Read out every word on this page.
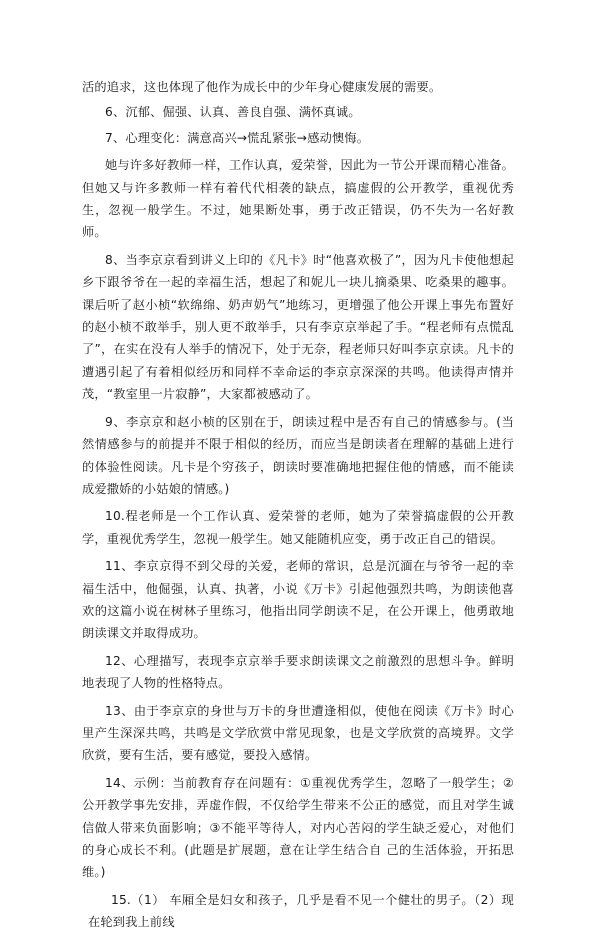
活的追求，这也体现了他作为成长中的少年身心健康发展的需要。

6、沉郁、倔强、认真、善良自强、满怀真诚。

7、心理变化：满意高兴→慌乱紧张→感动懊悔。

她与许多好教师一样，工作认真，爱荣誉，因此为一节公开课而精心准备。但她又与许多教师一样有着代代相袭的缺点，搞虚假的公开教学，重视优秀生，忽视一般学生。不过，她果断处事，勇于改正错误，仍不失为一名好教师。

8、当李京京看到讲义上印的《凡卡》时“他喜欢极了”，因为凡卡使他想起乡下跟爷爷在一起的幸福生活，想起了和妮儿一块儿摘桑果、吃桑果的趣事。课后听了赵小桢“软绵绵、奶声奶气”地练习，更增强了他公开课上事先布置好的赵小桢不敢举手，别人更不敢举手，只有李京京举起了手。“程老师有点慌乱了”，在实在没有人举手的情况下，处于无奈，程老师只好叫李京京读。凡卡的遭遇引起了有着相似经历和同样不幸命运的李京京深深的共鸣。他读得声情并茂，“教室里一片寂静”，大家都被感动了。

9、李京京和赵小桢的区别在于，朗读过程中是否有自己的情感参与。(当然情感参与的前提并不限于相似的经历，而应当是朗读者在理解的基础上进行的体验性阅读。凡卡是个穷孩子，朗读时要准确地把握住他的情感，而不能读成爱撒娇的小姑娘的情感。)

10.程老师是一个工作认真、爱荣誉的老师，她为了荣誉搞虚假的公开教学，重视优秀学生，忽视一般学生。她又能随机应变，勇于改正自己的错误。

11、李京京得不到父母的关爱，老师的常识，总是沉湎在与爷爷一起的幸福生活中，他倔强，认真、执著，小说《万卡》引起他强烈共鸣，为朗读他喜欢的这篇小说在树林子里练习，他指出同学朗读不足，在公开课上，他勇敢地朗读课文并取得成功。

12、心理描写，表现李京京举手要求朗读课文之前激烈的思想斗争。鲜明地表现了人物的性格特点。

13、由于李京京的身世与万卡的身世遭逢相似，使他在阅读《万卡》时心里产生深深共鸣，共鸣是文学欣赏中常见现象，也是文学欣赏的高境界。文学欣赏，要有生活，要有感觉，要投入感情。

14、示例：当前教育存在问题有：①重视优秀学生，忽略了一般学生；②公开教学事先安排，弄虚作假，不仅给学生带来不公正的感觉，而且对学生诚信做人带来负面影响；③不能平等待人，对内心苦闷的学生缺乏爱心，对他们的身心成长不利。(此题是扩展题，意在让学生结合自 己的生活体验，开拓思维。)

15.（1） 车厢全是妇女和孩子，几乎是看不见一个健壮的男子。（2）现在轮到我上前线
